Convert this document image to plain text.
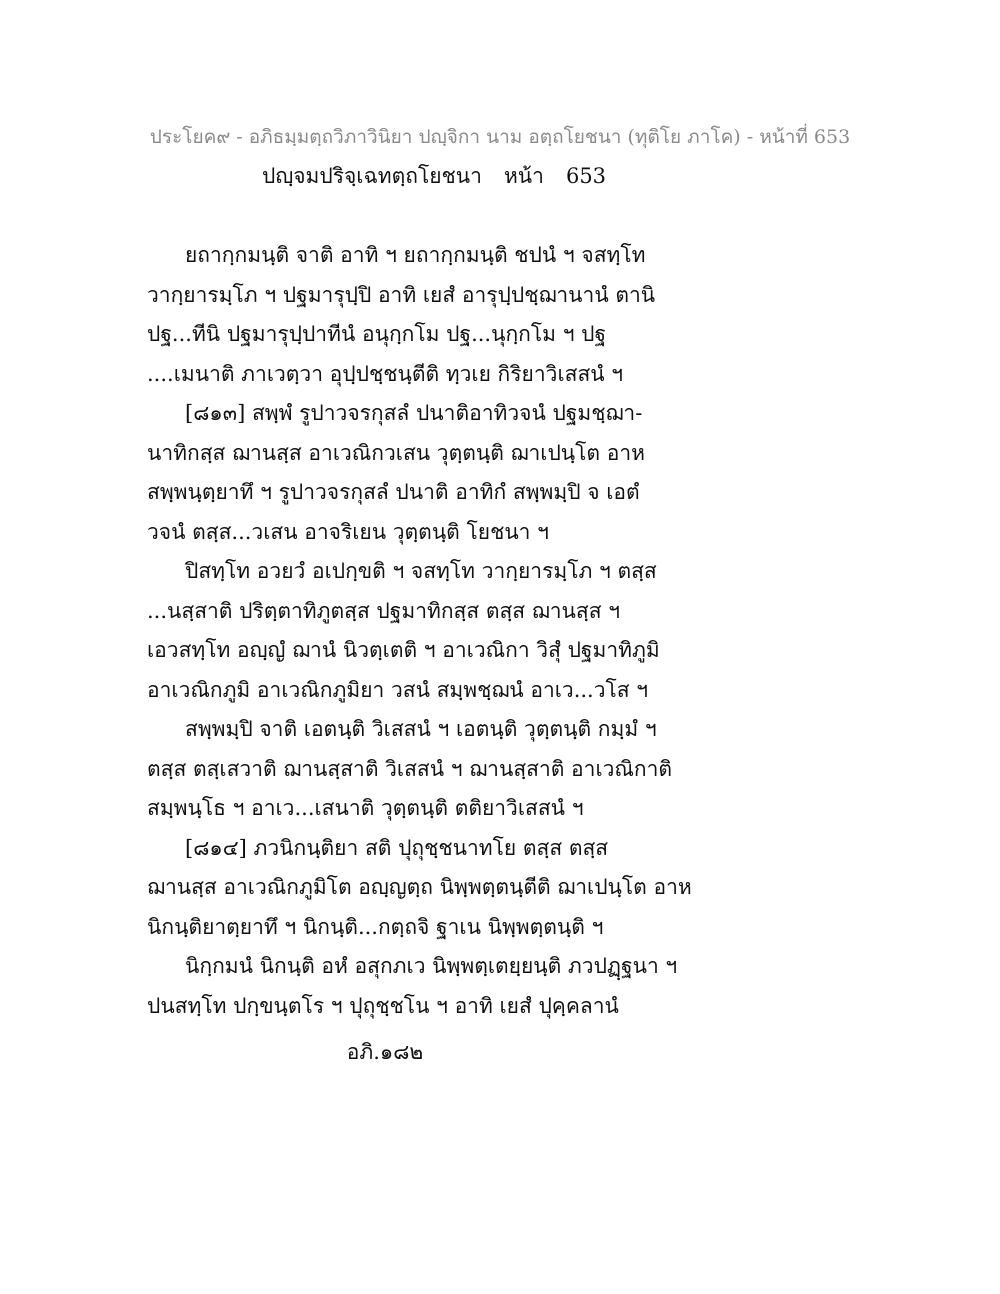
ประโยค๙ - อภิธมฺมตฺถวิภาวินิยา ปญฺจิกา นาม อตฺถโยชนา (ทุติโย ภาโค) - หน้าที่ 653
ปญฺจมปริจฺเฉทตฺถโยชนา หน้า 653
ยถากฺกมนฺติ จาติ อาทิ ฯ ยถากฺกมนฺติ ชปนํ ฯ จสทฺโท
วากฺยารมฺโภ ฯ ปฐมารุปฺปิ อาทิ เยสํ อารุปฺปชฺฌานานํ ตานิ
ปฐ...ทีนิ ปฐมารุปฺปาทีนํ อนุกฺกโม ปฐ...นุกฺกโม ฯ ปฐ
....เมนาติ ภาเวตฺวา อุปฺปชฺชนฺตีติ ทฺวเย กิริยาวิเสสนํ ฯ
[๘๑๓] สพฺพํ รูปาวจรกุสลํ ปนาติอาทิวจนํ ปฐมชฺฌา-
นาทิกสฺส ฌานสฺส อาเวณิกวเสน วุตฺตนฺติ ฌาเปนฺโต อาห
สพฺพนฺตฺยาทึ ฯ รูปาวจรกุสลํ ปนาติ อาทิกํ สพฺพมฺปิ จ เอตํ
วจนํ ตสฺส...วเสน อาจริเยน วุตฺตนฺติ โยชนา ฯ
ปิสทฺโท อวยวํ อเปกฺขติ ฯ จสทฺโท วากฺยารมฺโภ ฯ ตสฺส
...นสฺสาติ ปริตฺตาทิภูตสฺส ปฐมาทิกสฺส ตสฺส ฌานสฺส ฯ
เอวสทฺโท อญฺญํ ฌานํ นิวตฺเตติ ฯ อาเวณิกา วิสุํ ปฐมาทิภูมิ
อาเวณิกภูมิ อาเวณิกภูมิยา วสนํ สมฺพชฺฌนํ อาเว...วโส ฯ
สพฺพมฺปิ จาติ เอตนฺติ วิเสสนํ ฯ เอตนฺติ วุตฺตนฺติ กมฺมํ ฯ
ตสฺส ตสฺเสวาติ ฌานสฺสาติ วิเสสนํ ฯ ฌานสฺสาติ อาเวณิกาติ
สมฺพนฺโธ ฯ อาเว...เสนาติ วุตฺตนฺติ ตติยาวิเสสนํ ฯ
[๘๑๔] ภวนิกนฺติยา สติ ปุถุชฺชนาทโย ตสฺส ตสฺส
ฌานสฺส อาเวณิกภูมิโต อญฺญตฺถ นิพฺพตฺตนฺตีติ ฌาเปนฺโต อาห
นิกนฺติยาตฺยาทึ ฯ นิกนฺติ...กตฺถจิ ฐาเน นิพฺพตฺตนฺติ ฯ
นิกฺกมนํ นิกนฺติ อหํ อสุกภเว นิพฺพตฺเตยฺยนฺติ ภวปฏฺฐนา ฯ
ปนสทฺโท ปกฺขนฺตโร ฯ ปุถุชฺชโน ฯ อาทิ เยสํ ปุคฺคลานํ
อภิ.๑๘๒
